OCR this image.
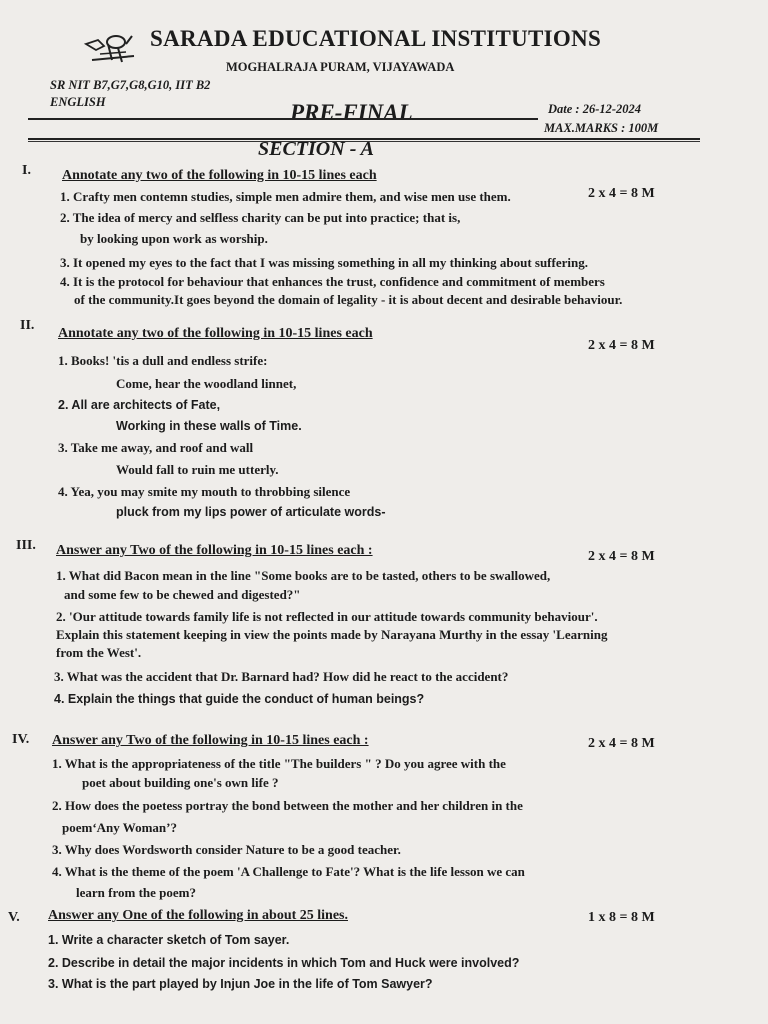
SARADA EDUCATIONAL INSTITUTIONS
MOGHALRAJA PURAM, VIJAYAWADA
SR NIT B7,G7,G8,G10, IIT B2
ENGLISH	PRE-FINAL	Date : 26-12-2024
MAX.MARKS : 100M
SECTION - A
I. Annotate any two of the following in 10-15 lines each
2 x 4 = 8 M
1. Crafty men contemn studies, simple men admire them, and wise men use them.
2. The idea of mercy and selfless charity can be put into practice; that is,
by looking upon work as worship.
3. It opened my eyes to the fact that I was missing something in all my thinking about suffering.
4. It is the protocol for behaviour that enhances the trust, confidence and commitment of members
of the community.It goes beyond the domain of legality - it is about decent and desirable behaviour.
II.
Annotate any two of the following in 10-15 lines each
2 x 4 = 8 M
1. Books! 'tis a dull and endless strife:
Come, hear the woodland linnet,
2. All are architects of Fate,
Working in these walls of Time.
3. Take me away, and roof and wall
Would fall to ruin me utterly.
4. Yea, you may smite my mouth to throbbing silence
pluck from my lips power of articulate words-
III. Answer any Two of the following in 10-15 lines each :	2 x 4 = 8 M
1. What did Bacon mean in the line "Some books are to be tasted, others to be swallowed,
and some few to be chewed and digested?"
2. 'Our attitude towards family life is not reflected in our attitude towards community behaviour'.
Explain this statement keeping in view the points made by Narayana Murthy in the essay 'Learning
from the West'.
3. What was the accident that Dr. Barnard had? How did he react to the accident?
4. Explain the things that guide the conduct of human beings?
IV. Answer any Two of the following in 10-15 lines each :	2 x 4 = 8 M
1. What is the appropriateness of the title "The builders " ? Do you agree with the
poet about building one's own life ?
2. How does the poetess portray the bond between the mother and her children in the
poem‘Any Woman’?
3. Why does Wordsworth consider Nature to be a good teacher.
4. What is the theme of the poem 'A Challenge to Fate'? What is the life lesson we can
learn from the poem?
V. Answer any One of the following in about 25 lines.	1 x 8 = 8 M
1. Write a character sketch of Tom sayer.
2. Describe in detail the major incidents in which Tom and Huck were involved?
3. What is the part played by Injun Joe in the life of Tom Sawyer?
